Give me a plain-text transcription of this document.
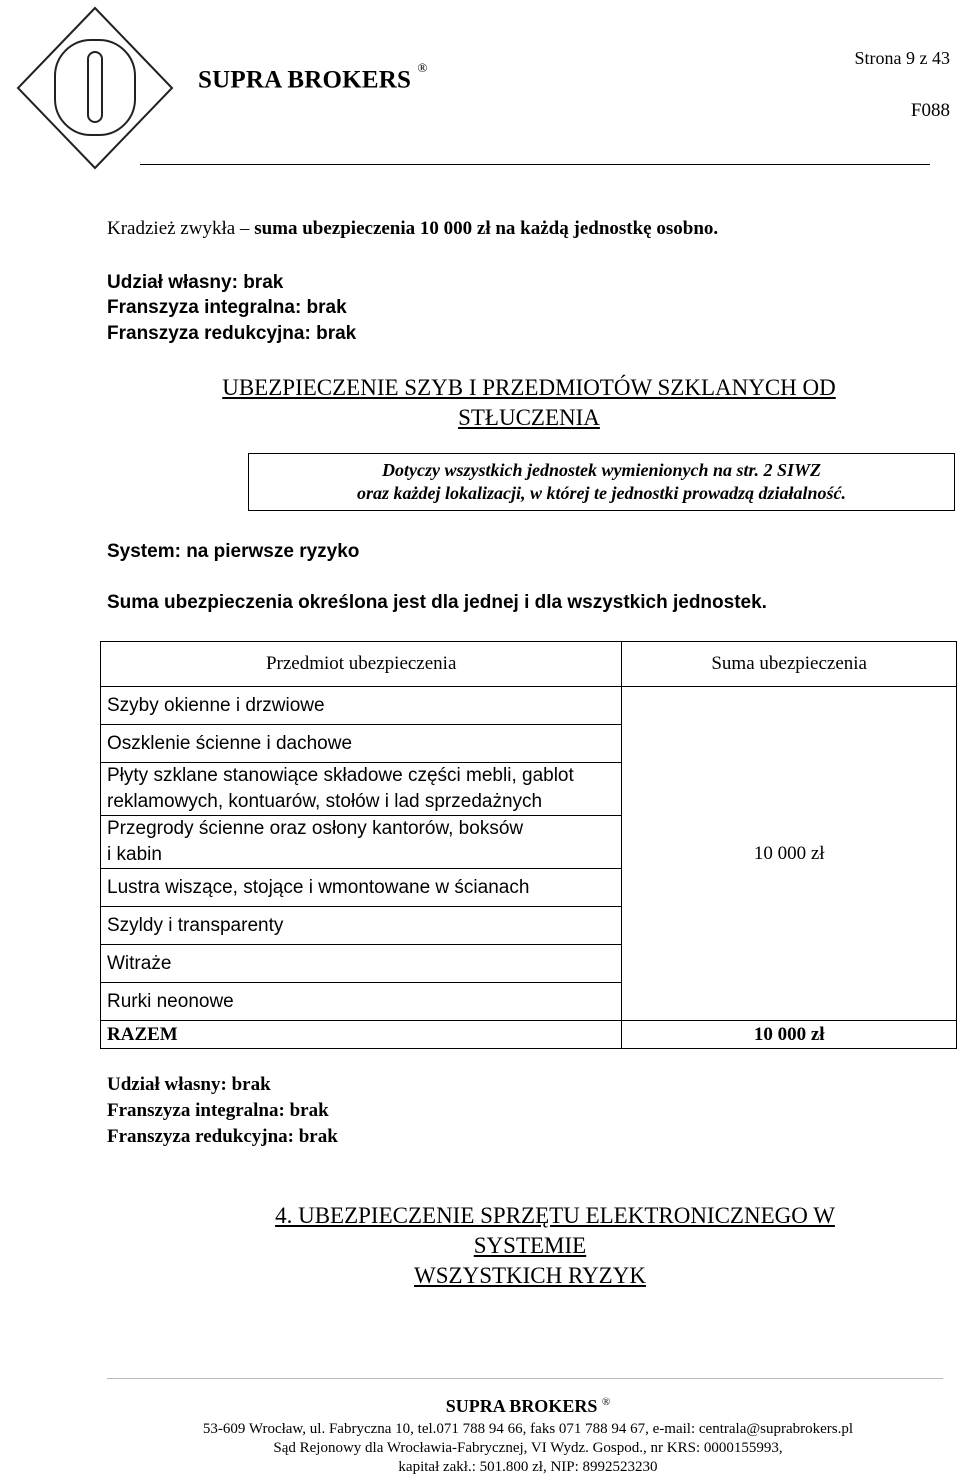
SUPRA BROKERS ®	Strona 9 z 43
F088
Kradzież zwykła – suma ubezpieczenia 10 000 zł na każdą jednostkę osobno.
Udział własny: brak
Franszyza integralna: brak
Franszyza redukcyjna: brak
UBEZPIECZENIE SZYB I PRZEDMIOTÓW SZKLANYCH OD
STŁUCZENIA
Dotyczy wszystkich jednostek wymienionych na str. 2 SIWZ
oraz każdej lokalizacji, w której te jednostki prowadzą działalność.
System: na pierwsze ryzyko
Suma ubezpieczenia określona jest dla jednej i dla wszystkich jednostek.
Przedmiot ubezpieczenia	Suma ubezpieczenia
Szyby okienne i drzwiowe	10 000 zł
Oszklenie ścienne i dachowe	

Płyty szklane stanowiące składowe części mebli, gablot
reklamowych, kontuarów, stołów i lad sprzedażnych	

Przegrody ścienne oraz osłony kantorów, boksów
i kabin	

Lustra wiszące, stojące i wmontowane w ścianach	
Szyldy i transparenty	
Witraże	
Rurki neonowe	

RAZEM	10 000 zł
Udział własny: brak
Franszyza integralna: brak
Franszyza redukcyjna: brak
4. UBEZPIECZENIE SPRZĘTU ELEKTRONICZNEGO W
SYSTEMIE
WSZYSTKICH RYZYK
SUPRA BROKERS ®
53-609 Wrocław, ul. Fabryczna 10, tel.071 788 94 66, faks 071 788 94 67, e-mail: centrala@suprabrokers.pl
Sąd Rejonowy dla Wrocławia-Fabrycznej, VI Wydz. Gospod., nr KRS: 0000155993,
kapitał zakł.: 501.800 zł, NIP: 8992523230
